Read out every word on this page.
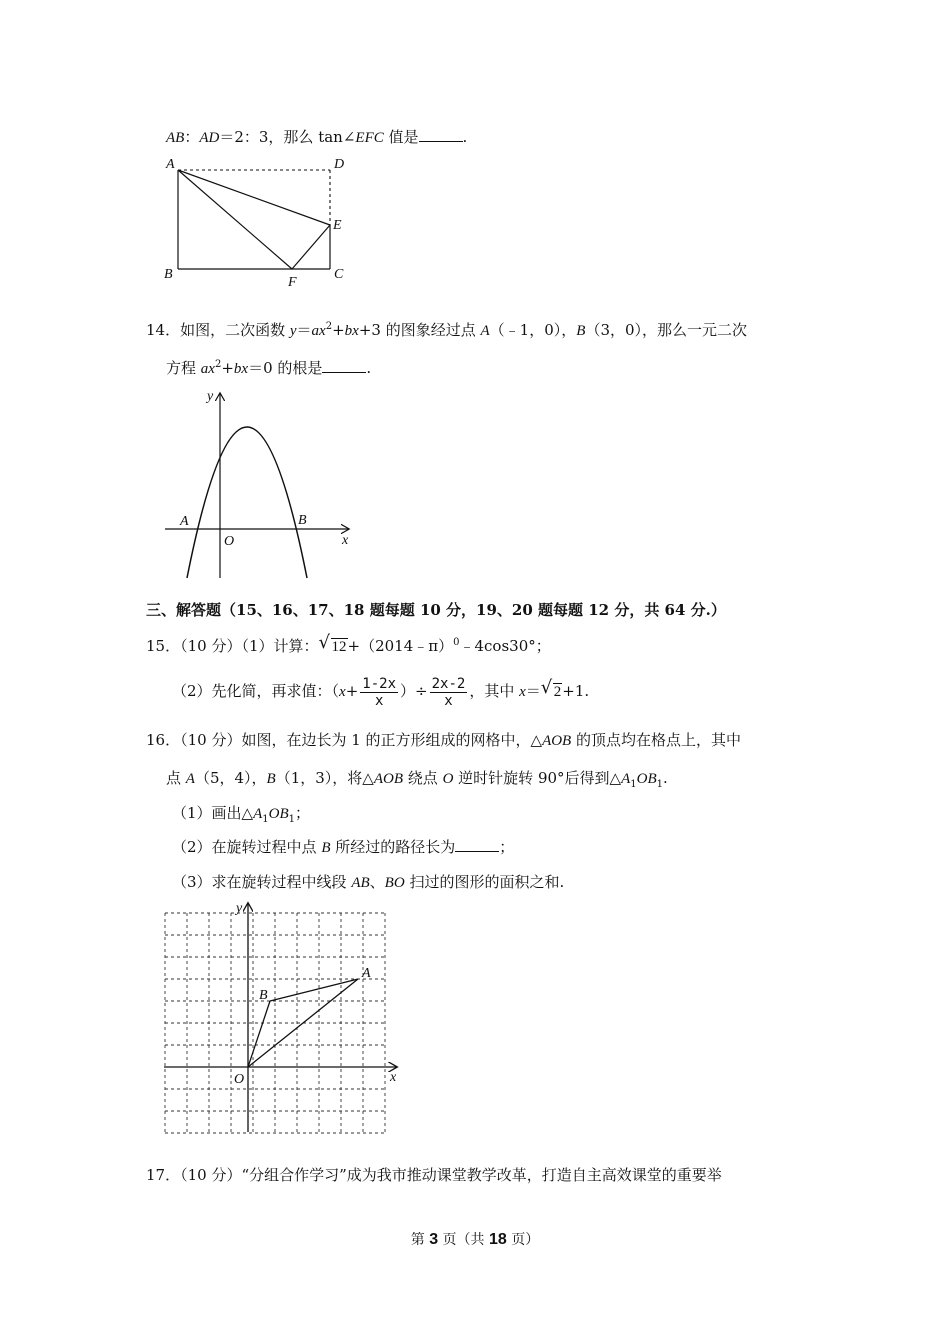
AB：AD＝2：3，那么 tan∠EFC 值是	.
A	D
E
B
F
C
14．如图，二次函数 $y=ax^2+bx+3$ 的图象经过点 A（﹣1，0），B（3，0），那么一元二次
方程 $ax^2+bx=0$ 的根是	.
y
x
O
A	B
三、解答题（15、16、17、18 题每题 10 分，19、20 题每题 12 分，共 64 分.）
15．（10 分）（1）计算： √ 12+（2014﹣π）$^0$﹣4cos30°；
（2）先化简，再求值：（$x+ \frac{1-2x}{x}$ ）÷ $\frac{2x-2}{x}$ ，其中 x＝ √ 2+1.
16．（10 分）如图，在边长为 1 的正方形组成的网格中，△AOB 的顶点均在格点上，其中
点 A（5，4），B（1，3），将△AOB 绕点 O 逆时针旋转 90°后得到$\triangle A_1OB_1$.
（1）画出$\triangle A_1OB_1$；
（2）在旋转过程中点 B 所经过的路径长为	；
（3）求在旋转过程中线段 AB、BO 扫过的图形的面积之和.
y
x
O
A
B
17．（10 分）“分组合作学习”成为我市推动课堂教学改革，打造自主高效课堂的重要举
第 3 页（共 18 页）
